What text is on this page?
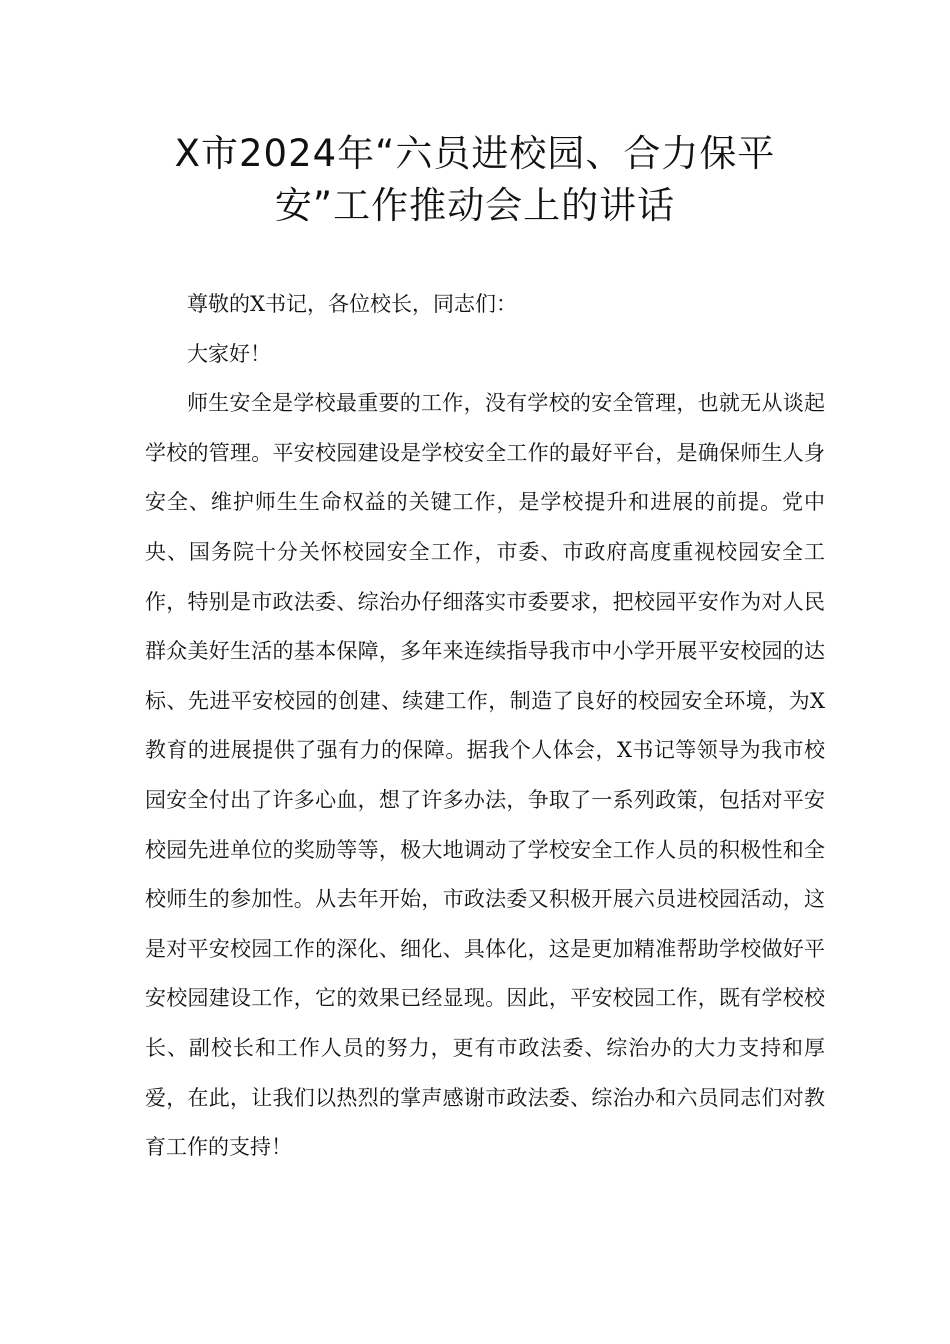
X市2024年“六员进校园、合力保平
安”工作推动会上的讲话

尊敬的X书记，各位校长，同志们：

大家好！

师生安全是学校最重要的工作，没有学校的安全管理，也就无从谈起学校的管理。平安校园建设是学校安全工作的最好平台，是确保师生人身安全、维护师生生命权益的关键工作，是学校提升和进展的前提。党中央、国务院十分关怀校园安全工作，市委、市政府高度重视校园安全工作，特别是市政法委、综治办仔细落实市委要求，把校园平安作为对人民群众美好生活的基本保障，多年来连续指导我市中小学开展平安校园的达标、先进平安校园的创建、续建工作，制造了良好的校园安全环境，为X教育的进展提供了强有力的保障。据我个人体会，X书记等领导为我市校园安全付出了许多心血，想了许多办法，争取了一系列政策，包括对平安校园先进单位的奖励等等，极大地调动了学校安全工作人员的积极性和全校师生的参加性。从去年开始，市政法委又积极开展六员进校园活动，这是对平安校园工作的深化、细化、具体化，这是更加精准帮助学校做好平安校园建设工作，它的效果已经显现。因此，平安校园工作，既有学校校长、副校长和工作人员的努力，更有市政法委、综治办的大力支持和厚爱，在此，让我们以热烈的掌声感谢市政法委、综治办和六员同志们对教育工作的支持！
